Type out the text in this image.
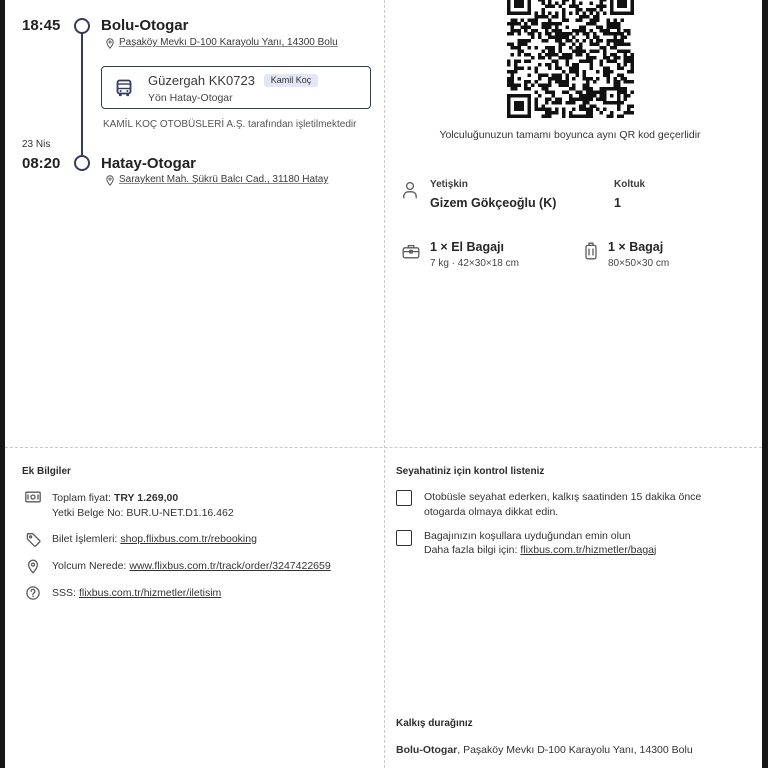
18:45	Bolu-Otogar
Paşaköy Mevkı D-100 Karayolu Yanı, 14300 Bolu
Güzergah KK0723	Kamil Koç
Yön Hatay-Otogar
KAMİL KOÇ OTOBÜSLERİ A.Ş. tarafından işletilmektedir
23 Nis
08:20	Hatay-Otogar
Saraykent Mah. Şükrü Balcı Cad., 31180 Hatay
Yolculuğunuzun tamamı boyunca aynı QR kod geçerlidir
Yetişkin
Gizem Gökçeoğlu (K)
Koltuk
1
1 × El Bagajı
7 kg · 42×30×18 cm
1 × Bagaj
80×50×30 cm
Ek Bilgiler
Toplam fiyat: TRY 1.269,00
Yetki Belge No: BUR.U-NET.D1.16.462
Bilet İşlemleri: shop.flixbus.com.tr/rebooking
Yolcum Nerede: www.flixbus.com.tr/track/order/3247422659
SSS: flixbus.com.tr/hizmetler/iletisim
Seyahatiniz için kontrol listeniz
Otobüsle seyahat ederken, kalkış saatinden 15 dakika önce
otogarda olmaya dikkat edin.
Bagajınızın koşullara uyduğundan emin olun
Daha fazla bilgi için: flixbus.com.tr/hizmetler/bagaj
Kalkış durağınız
Bolu-Otogar, Paşaköy Mevkı D-100 Karayolu Yanı, 14300 Bolu
